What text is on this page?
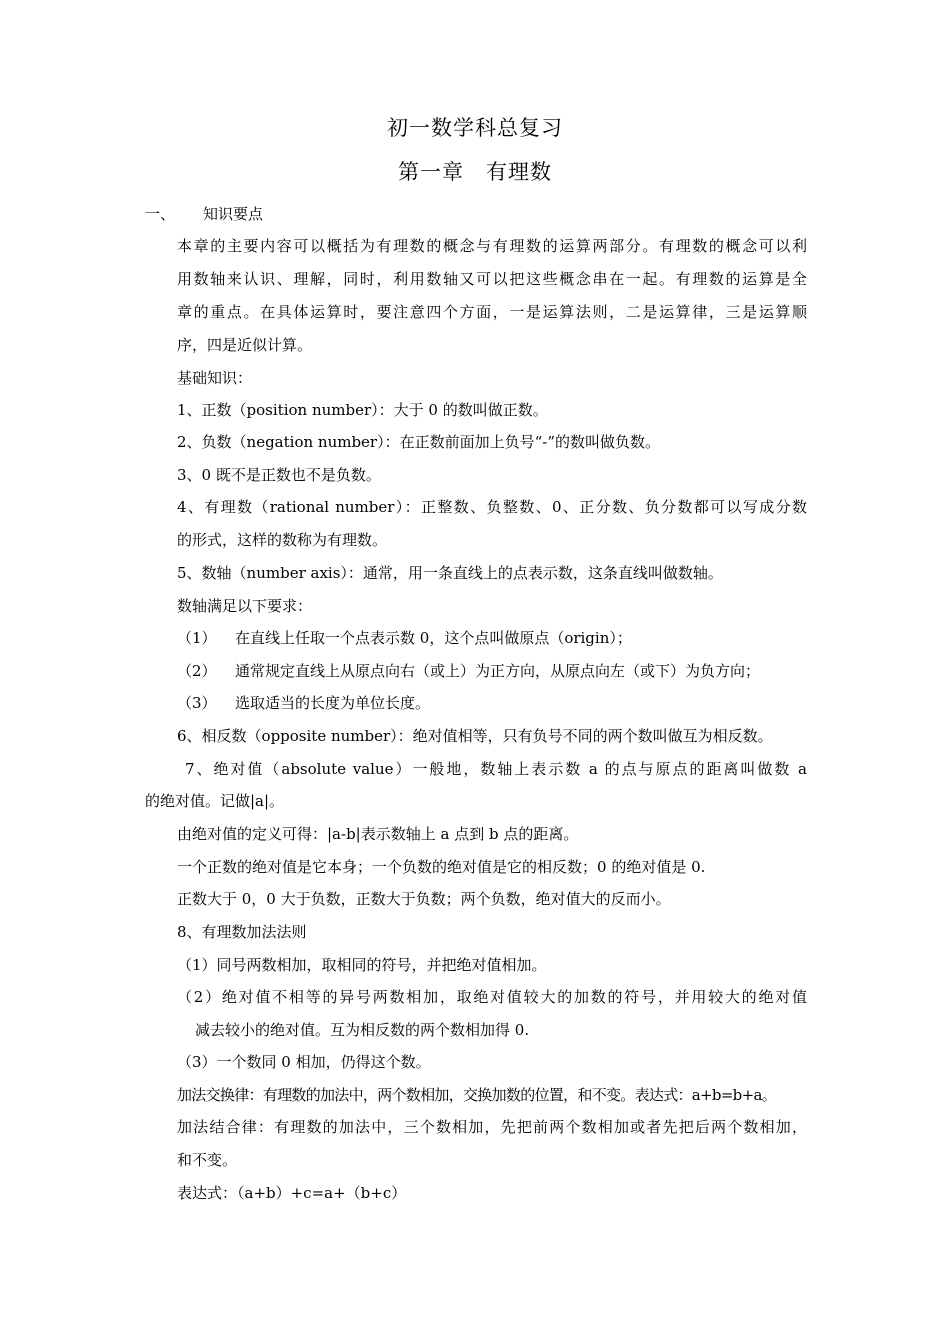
初一数学科总复习
第一章 有理数
一、 知识要点
本章的主要内容可以概括为有理数的概念与有理数的运算两部分。有理数的概念可以利
用数轴来认识、理解，同时，利用数轴又可以把这些概念串在一起。有理数的运算是全
章的重点。在具体运算时，要注意四个方面，一是运算法则，二是运算律，三是运算顺
序，四是近似计算。
基础知识：
1、正数（position number）：大于 0 的数叫做正数。
2、负数（negation number）：在正数前面加上负号“-”的数叫做负数。
3、0 既不是正数也不是负数。
4、有理数（rational number）：正整数、负整数、0、正分数、负分数都可以写成分数
的形式，这样的数称为有理数。
5、数轴（number axis）：通常，用一条直线上的点表示数，这条直线叫做数轴。
数轴满足以下要求：
（1） 在直线上任取一个点表示数 0，这个点叫做原点（origin）；
（2） 通常规定直线上从原点向右（或上）为正方向，从原点向左（或下）为负方向；
（3） 选取适当的长度为单位长度。
6、相反数（opposite number）：绝对值相等，只有负号不同的两个数叫做互为相反数。
7、绝对值（absolute value）一般地，数轴上表示数 a 的点与原点的距离叫做数 a
的绝对值。记做|a|。
由绝对值的定义可得：|a-b|表示数轴上 a 点到 b 点的距离。
一个正数的绝对值是它本身；一个负数的绝对值是它的相反数；0 的绝对值是 0.
正数大于 0，0 大于负数，正数大于负数；两个负数，绝对值大的反而小。
8、有理数加法法则
（1）同号两数相加，取相同的符号，并把绝对值相加。
（2）绝对值不相等的异号两数相加，取绝对值较大的加数的符号，并用较大的绝对值
减去较小的绝对值。互为相反数的两个数相加得 0.
（3）一个数同 0 相加，仍得这个数。
加法交换律：有理数的加法中，两个数相加，交换加数的位置，和不变。表达式：a+b=b+a。
加法结合律：有理数的加法中，三个数相加，先把前两个数相加或者先把后两个数相加，
和不变。
表达式：（a+b）+c=a+（b+c）
